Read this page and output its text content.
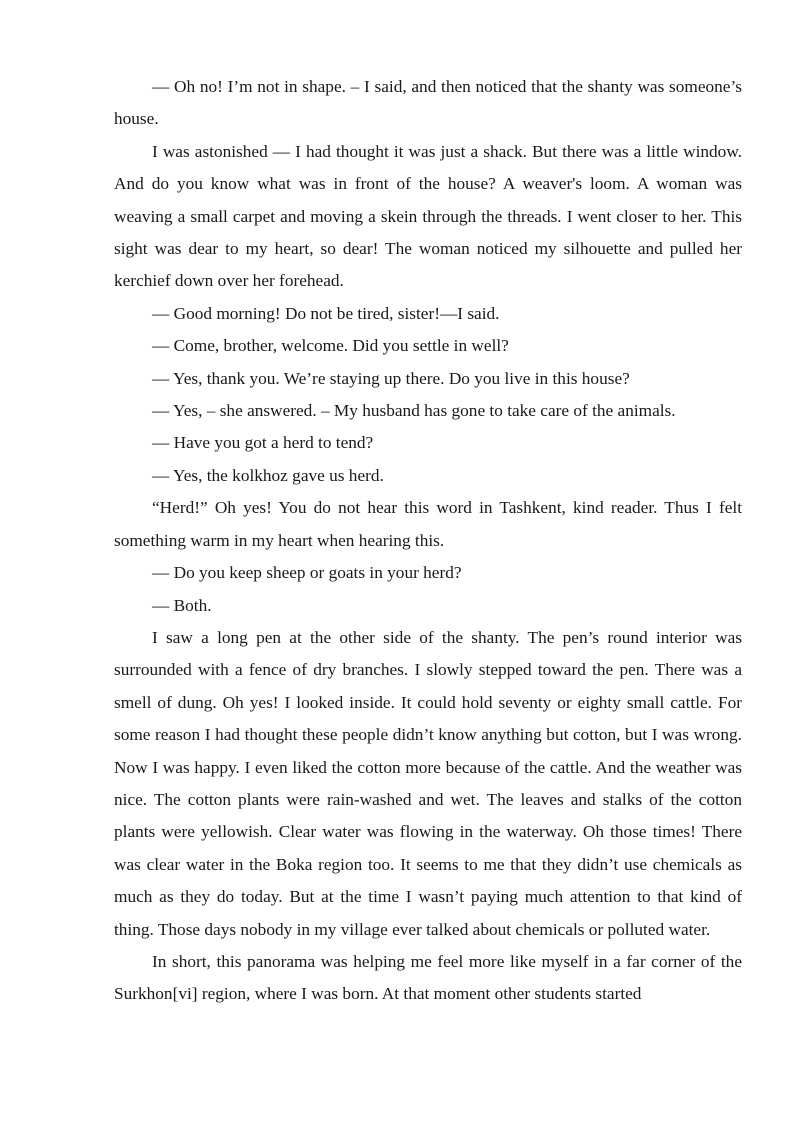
— Oh no! I’m not in shape. – I said, and then noticed that the shanty was someone’s house.

I was astonished — I had thought it was just a shack. But there was a little window. And do you know what was in front of the house? A weaver's loom. A woman was weaving a small carpet and moving a skein through the threads. I went closer to her. This sight was dear to my heart, so dear! The woman noticed my silhouette and pulled her kerchief down over her forehead.

— Good morning! Do not be tired, sister!—I said.

— Come, brother, welcome. Did you settle in well?

— Yes, thank you. We’re staying up there. Do you live in this house?

— Yes, – she answered. – My husband has gone to take care of the animals.

— Have you got a herd to tend?

— Yes, the kolkhoz gave us herd.

“Herd!” Oh yes! You do not hear this word in Tashkent, kind reader. Thus I felt something warm in my heart when hearing this.

— Do you keep sheep or goats in your herd?

— Both.

I saw a long pen at the other side of the shanty. The pen’s round interior was surrounded with a fence of dry branches. I slowly stepped toward the pen. There was a smell of dung. Oh yes! I looked inside. It could hold seventy or eighty small cattle. For some reason I had thought these people didn’t know anything but cotton, but I was wrong. Now I was happy. I even liked the cotton more because of the cattle. And the weather was nice. The cotton plants were rain-washed and wet. The leaves and stalks of the cotton plants were yellowish. Clear water was flowing in the waterway. Oh those times! There was clear water in the Boka region too. It seems to me that they didn’t use chemicals as much as they do today. But at the time I wasn’t paying much attention to that kind of thing. Those days nobody in my village ever talked about chemicals or polluted water.

In short, this panorama was helping me feel more like myself in a far corner of the Surkhon[vi] region, where I was born. At that moment other students started
